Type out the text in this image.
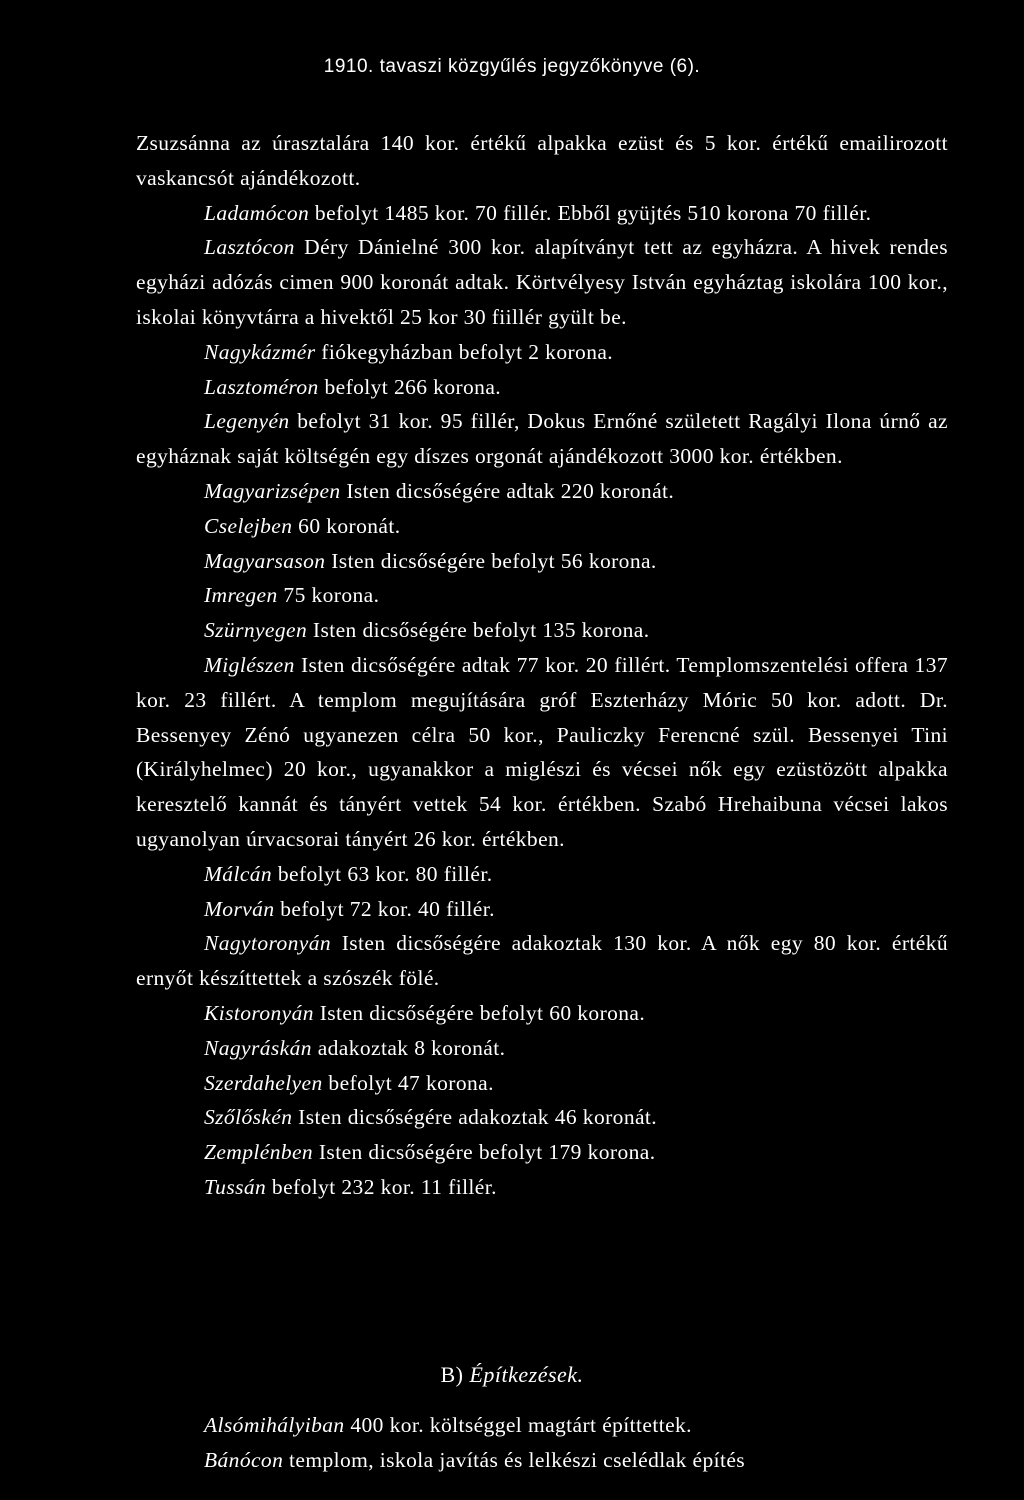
1910. tavaszi közgyűlés jegyzőkönyve (6).

Zsuzsánna az úrasztalára 140 kor. értékű alpakka ezüst és 5 kor. értékű emailirozott vaskancsót ajándékozott.

Ladamócon befolyt 1485 kor. 70 fillér. Ebből gyüjtés 510 korona 70 fillér.

Lasztócon Déry Dánielné 300 kor. alapítványt tett az egyházra. A hivek rendes egyházi adózás cimen 900 koronát adtak. Körtvélyesy István egyháztag iskolára 100 kor., iskolai könyvtárra a hivektől 25 kor 30 fiillér gyült be.

Nagykázmér fiókegyházban befolyt 2 korona.

Lasztoméron befolyt 266 korona.

Legenyén befolyt 31 kor. 95 fillér, Dokus Ernőné született Ragályi Ilona úrnő az egyháznak saját költségén egy díszes orgonát ajándékozott 3000 kor. értékben.

Magyarizsépen Isten dicsőségére adtak 220 koronát.

Cselejben 60 koronát.

Magyarsason Isten dicsőségére befolyt 56 korona.

Imregen 75 korona.

Szürnyegen Isten dicsőségére befolyt 135 korona.

Miglészen Isten dicsőségére adtak 77 kor. 20 fillért. Templomszentelési offera 137 kor. 23 fillért. A templom megujítására gróf Eszterházy Móric 50 kor. adott. Dr. Bessenyey Zénó ugyanezen célra 50 kor., Pauliczky Ferencné szül. Bessenyei Tini (Királyhelmec) 20 kor., ugyanakkor a miglészi és vécsei nők egy ezüstözött alpakka keresztelő kannát és tányért vettek 54 kor. értékben. Szabó Hrehaibuna vécsei lakos ugyanolyan úrvacsorai tányért 26 kor. értékben.

Málcán befolyt 63 kor. 80 fillér.

Morván befolyt 72 kor. 40 fillér.

Nagytoronyán Isten dicsőségére adakoztak 130 kor. A nők egy 80 kor. értékű ernyőt készíttettek a szószék fölé.

Kistoronyán Isten dicsőségére befolyt 60 korona.

Nagyráskán adakoztak 8 koronát.

Szerdahelyen befolyt 47 korona.

Szőlőskén Isten dicsőségére adakoztak 46 koronát.

Zemplénben Isten dicsőségére befolyt 179 korona.

Tussán befolyt 232 kor. 11 fillér.

B) Építkezések.

Alsómihályiban 400 kor. költséggel magtárt építtettek.

Bánócon templom, iskola javítás és lelkészi cselédlak építés
